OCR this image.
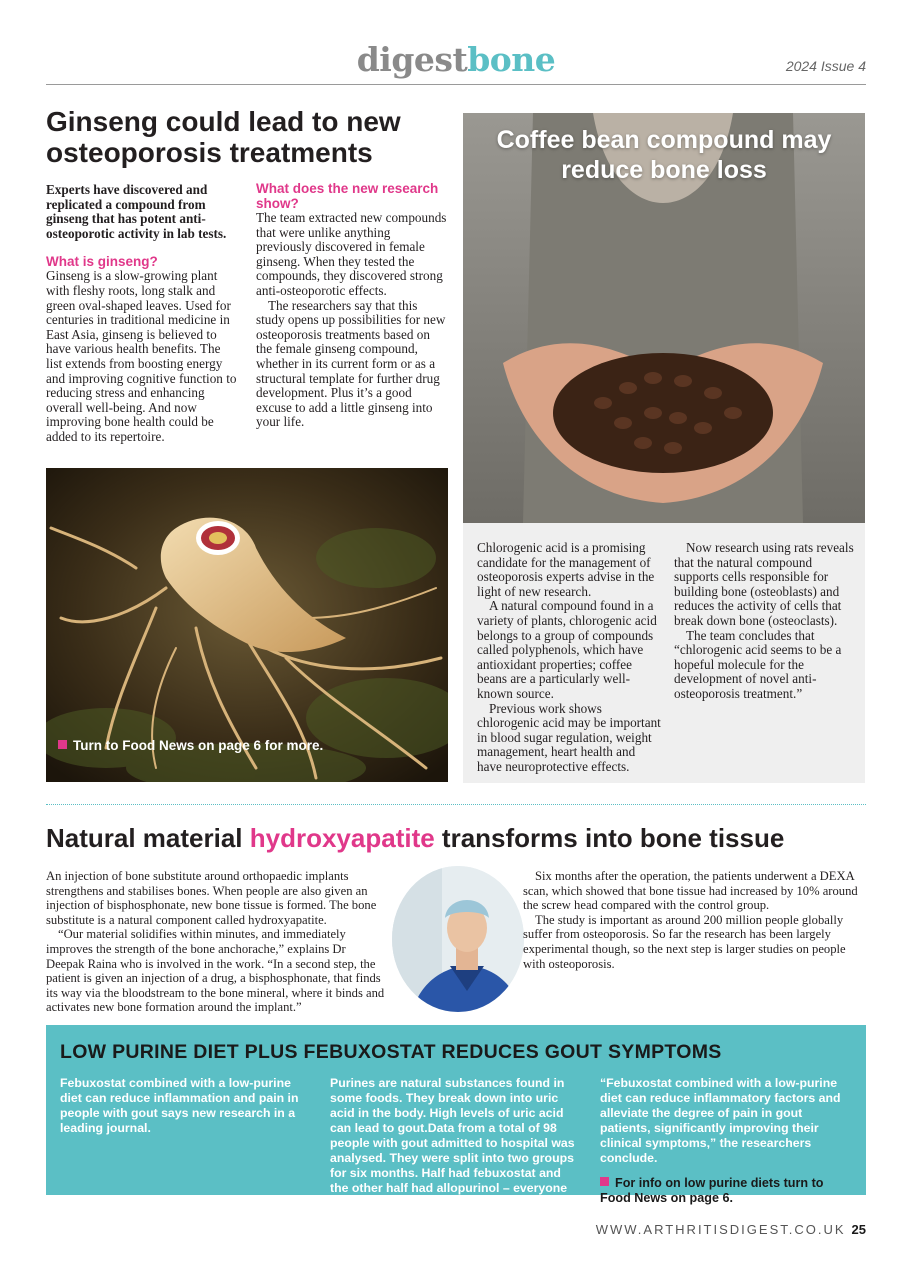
digestbone	2024 Issue 4
Ginseng could lead to new osteoporosis treatments

Experts have discovered and replicated a compound from ginseng that has potent anti-osteoporotic activity in lab tests.

What is ginseng?

Ginseng is a slow-growing plant with fleshy roots, long stalk and green oval-shaped leaves. Used for centuries in traditional medicine in East Asia, ginseng is believed to have various health benefits. The list extends from boosting energy and improving cognitive function to reducing stress and enhancing overall well-being. And now improving bone health could be added to its repertoire.

What does the new research show?

The team extracted new compounds that were unlike anything previously discovered in female ginseng. When they tested the compounds, they discovered strong anti-osteoporotic effects.

The researchers say that this study opens up possibilities for new osteoporosis treatments based on the female ginseng compound, whether in its current form or as a structural template for further drug development. Plus it’s a good excuse to add a little ginseng into your life.

Turn to Food News on page 6 for more.
Coffee bean compound may reduce bone loss

Chlorogenic acid is a promising candidate for the management of osteoporosis experts advise in the light of new research.

A natural compound found in a variety of plants, chlorogenic acid belongs to a group of compounds called polyphenols, which have antioxidant properties; coffee beans are a particularly well-known source.

Previous work shows chlorogenic acid may be important in blood sugar regulation, weight management, heart health and have neuroprotective effects.

Now research using rats reveals that the natural compound supports cells responsible for building bone (osteoblasts) and reduces the activity of cells that break down bone (osteoclasts).

The team concludes that “chlorogenic acid seems to be a hopeful molecule for the development of novel anti-osteoporosis treatment.”

Natural material hydroxyapatite transforms into bone tissue

An injection of bone substitute around orthopaedic implants strengthens and stabilises bones. When people are also given an injection of bisphosphonate, new bone tissue is formed. The bone substitute is a natural component called hydroxyapatite.

“Our material solidifies within minutes, and immediately improves the strength of the bone anchorache,” explains Dr Deepak Raina who is involved in the work. “In a second step, the patient is given an injection of a drug, a bisphosphonate, that finds its way via the bloodstream to the bone mineral, where it binds and activates new bone formation around the implant.”

Six months after the operation, the patients underwent a DEXA scan, which showed that bone tissue had increased by 10% around the screw head compared with the control group.

The study is important as around 200 million people globally suffer from osteoporosis. So far the research has been largely experimental though, so the next step is larger studies on people with osteoporosis.

LOW PURINE DIET PLUS FEBUXOSTAT REDUCES GOUT SYMPTOMS

Febuxostat combined with a low-purine diet can reduce inflammation and pain in people with gout says new research in a leading journal.

Purines are natural substances found in some foods. They break down into uric acid in the body. High levels of uric acid can lead to gout.Data from a total of 98 people with gout admitted to hospital was analysed. They were split into two groups for six months. Half had febuxostat and the other half had allopurinol – everyone followed a low purine diet.

“Febuxostat combined with a low-purine diet can reduce inflammatory factors and alleviate the degree of pain in gout patients, significantly improving their clinical symptoms,” the researchers conclude.

For info on low purine diets turn to Food News on page 6.

WWW.ARTHRITISDIGEST.CO.UK 25
